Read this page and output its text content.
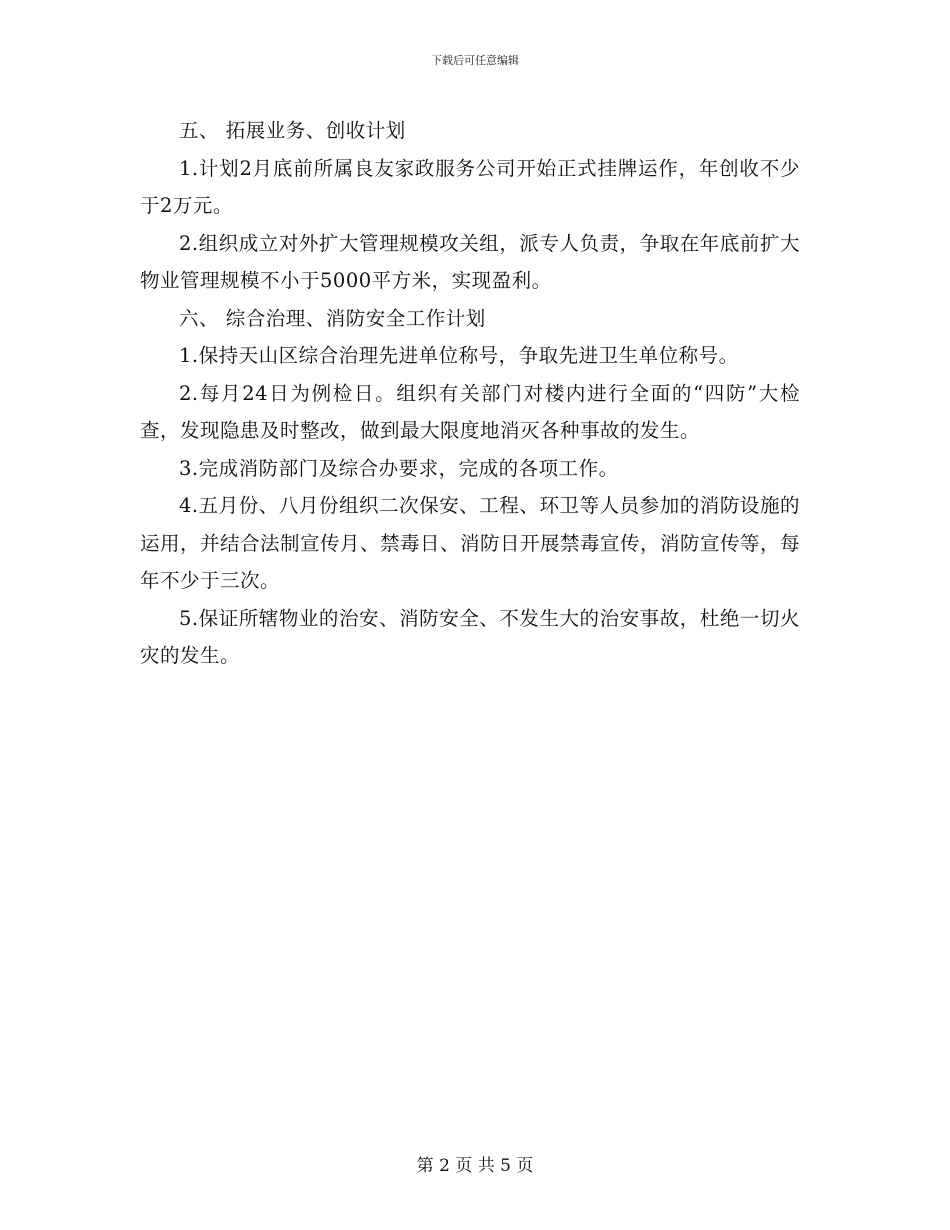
下载后可任意编辑

五、 拓展业务、创收计划

1.计划2月底前所属良友家政服务公司开始正式挂牌运作，年创收不少于2万元。

2.组织成立对外扩大管理规模攻关组，派专人负责，争取在年底前扩大物业管理规模不小于5000平方米，实现盈利。

六、 综合治理、消防安全工作计划

1.保持天山区综合治理先进单位称号，争取先进卫生单位称号。

2.每月24日为例检日。组织有关部门对楼内进行全面的“四防”大检查，发现隐患及时整改，做到最大限度地消灭各种事故的发生。

3.完成消防部门及综合办要求，完成的各项工作。

4.五月份、八月份组织二次保安、工程、环卫等人员参加的消防设施的运用，并结合法制宣传月、禁毒日、消防日开展禁毒宣传，消防宣传等，每年不少于三次。

5.保证所辖物业的治安、消防安全、不发生大的治安事故，杜绝一切火灾的发生。

第 2 页 共 5 页
